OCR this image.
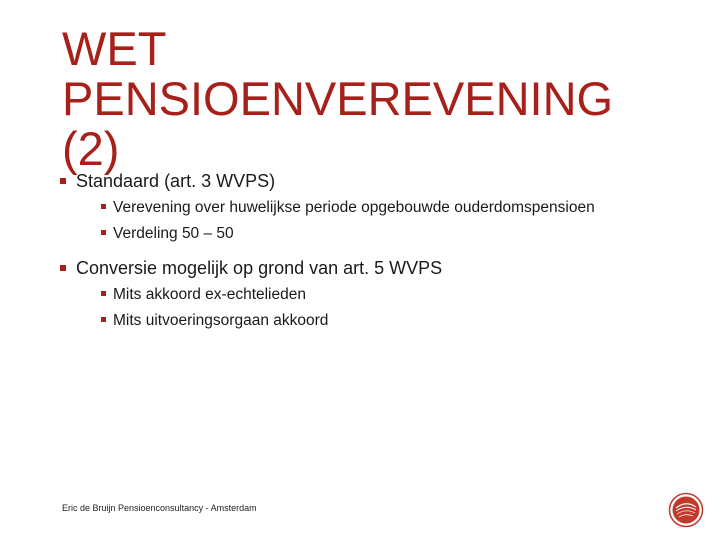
WET
PENSIOENVEREVENING
(2)
Standaard (art. 3 WVPS)
Verevening over huwelijkse periode opgebouwde ouderdomspensioen
Verdeling 50 – 50
Conversie mogelijk op grond van art. 5 WVPS
Mits akkoord ex-echtelieden
Mits uitvoeringsorgaan akkoord
Eric de Bruijn Pensioenconsultancy - Amsterdam
